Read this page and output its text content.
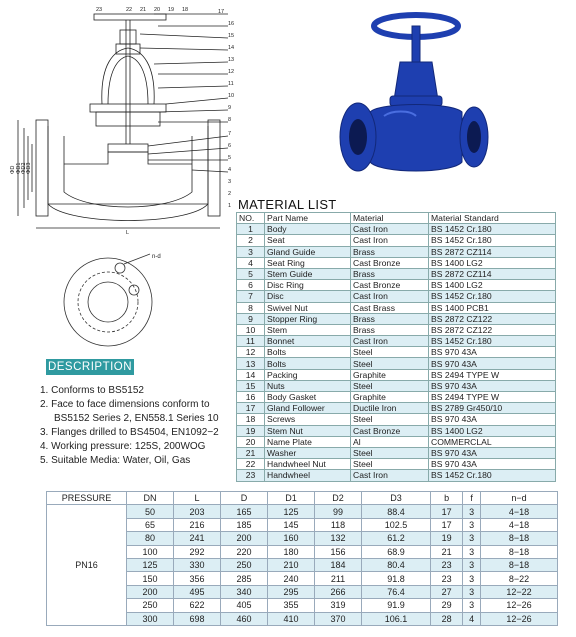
23	22 21 20 19 18	17
16
15
14
13
12
11
10
9
8
7
6
5
4
3
2
1
ΦD ΦD1 ΦD2 ΦD3
L
n-d
MATERIAL LIST
NO.	Part Name	Material	Material Standard
1	Body	Cast Iron	BS 1452 Cr.180
2	Seat	Cast Iron	BS 1452 Cr.180
3	Gland Guide	Brass	BS 2872 CZ114
4	Seat Ring	Cast Bronze	BS 1400 LG2
5	Stem Guide	Brass	BS 2872 CZ114
6	Disc Ring	Cast Bronze	BS 1400 LG2
7	Disc	Cast Iron	BS 1452 Cr.180
8	Swivel Nut	Cast Brass	BS 1400 PCB1
9	Stopper Ring	Brass	BS 2872 CZ122
10	Stem	Brass	BS 2872 CZ122
11	Bonnet	Cast Iron	BS 1452 Cr.180
12	Bolts	Steel	BS 970 43A
13	Bolts	Steel	BS 970 43A
14	Packing	Graphite	BS 2494 TYPE W
15	Nuts	Steel	BS 970 43A
16	Body Gasket	Graphite	BS 2494 TYPE W
17	Gland Follower	Ductile Iron	BS 2789 Gr450/10
18	Screws	Steel	BS 970 43A
19	Stem Nut	Cast Bronze	BS 1400 LG2
20	Name Plate	Al	COMMERCLAL
21	Washer	Steel	BS 970 43A
22	Handwheel Nut	Steel	BS 970 43A
23	Handwheel	Cast Iron	BS 1452 Cr.180
DESCRIPTION
1. Conforms to BS5152
2. Face to face dimensions conform to
BS5152 Series 2, EN558.1 Series 10
3. Flanges drilled to BS4504, EN1092−2
4. Working pressure: 125S, 200WOG
5. Suitable Media: Water, Oil, Gas
PRESSURE	DN	L	D	D1	D2	D3	b	f	n−d
PN16	50	203	165	125	99	88.4	17	3	4−18
	65	216	185	145	118	102.5	17	3	4−18
	80	241	200	160	132	61.2	19	3	8−18
	100	292	220	180	156	68.9	21	3	8−18
	125	330	250	210	184	80.4	23	3	8−18
	150	356	285	240	211	91.8	23	3	8−22
	200	495	340	295	266	76.4	27	3	12−22
	250	622	405	355	319	91.9	29	3	12−26
	300	698	460	410	370	106.1	28	4	12−26
